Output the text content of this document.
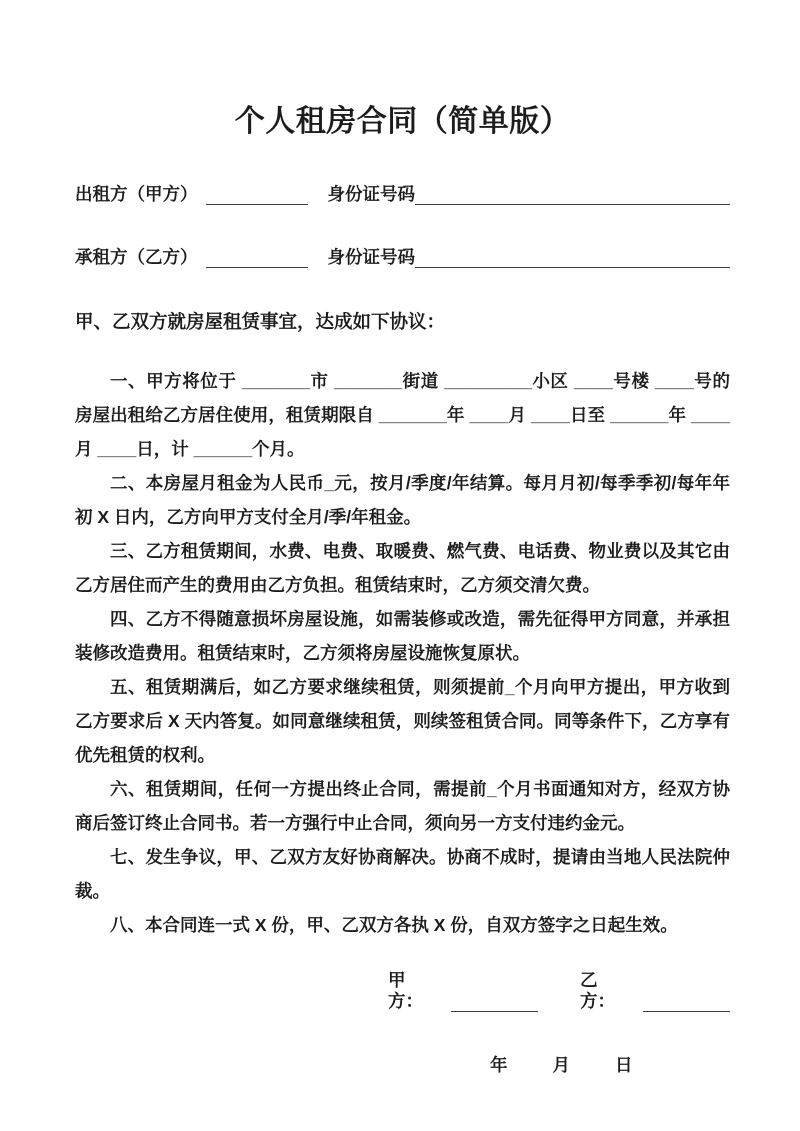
个人租房合同（简单版）
出租方（甲方）	身份证号码
承租方（乙方）	身份证号码

甲、乙双方就房屋租赁事宜，达成如下协议：

一、甲方将位于 _______市 _______街道 _________小区 ____号楼 ____号的房屋出租给乙方居住使用，租赁期限自 _______年 ____月 ____日至 ______年 ____月 ____日，计 ______个月。

二、本房屋月租金为人民币_元，按月/季度/年结算。每月月初/每季季初/每年年初 X 日内，乙方向甲方支付全月/季/年租金。

三、乙方租赁期间，水费、电费、取暖费、燃气费、电话费、物业费以及其它由乙方居住而产生的费用由乙方负担。租赁结束时，乙方须交清欠费。

四、乙方不得随意损坏房屋设施，如需装修或改造，需先征得甲方同意，并承担装修改造费用。租赁结束时，乙方须将房屋设施恢复原状。

五、租赁期满后，如乙方要求继续租赁，则须提前_个月向甲方提出，甲方收到乙方要求后 X 天内答复。如同意继续租赁，则续签租赁合同。同等条件下，乙方享有优先租赁的权利。

六、租赁期间，任何一方提出终止合同，需提前_个月书面通知对方，经双方协商后签订终止合同书。若一方强行中止合同，须向另一方支付违约金元。

七、发生争议，甲、乙双方友好协商解决。协商不成时，提请由当地人民法院仲裁。

八、本合同连一式 X 份，甲、乙双方各执 X 份，自双方签字之日起生效。

甲方：
乙方：
年	月	日
